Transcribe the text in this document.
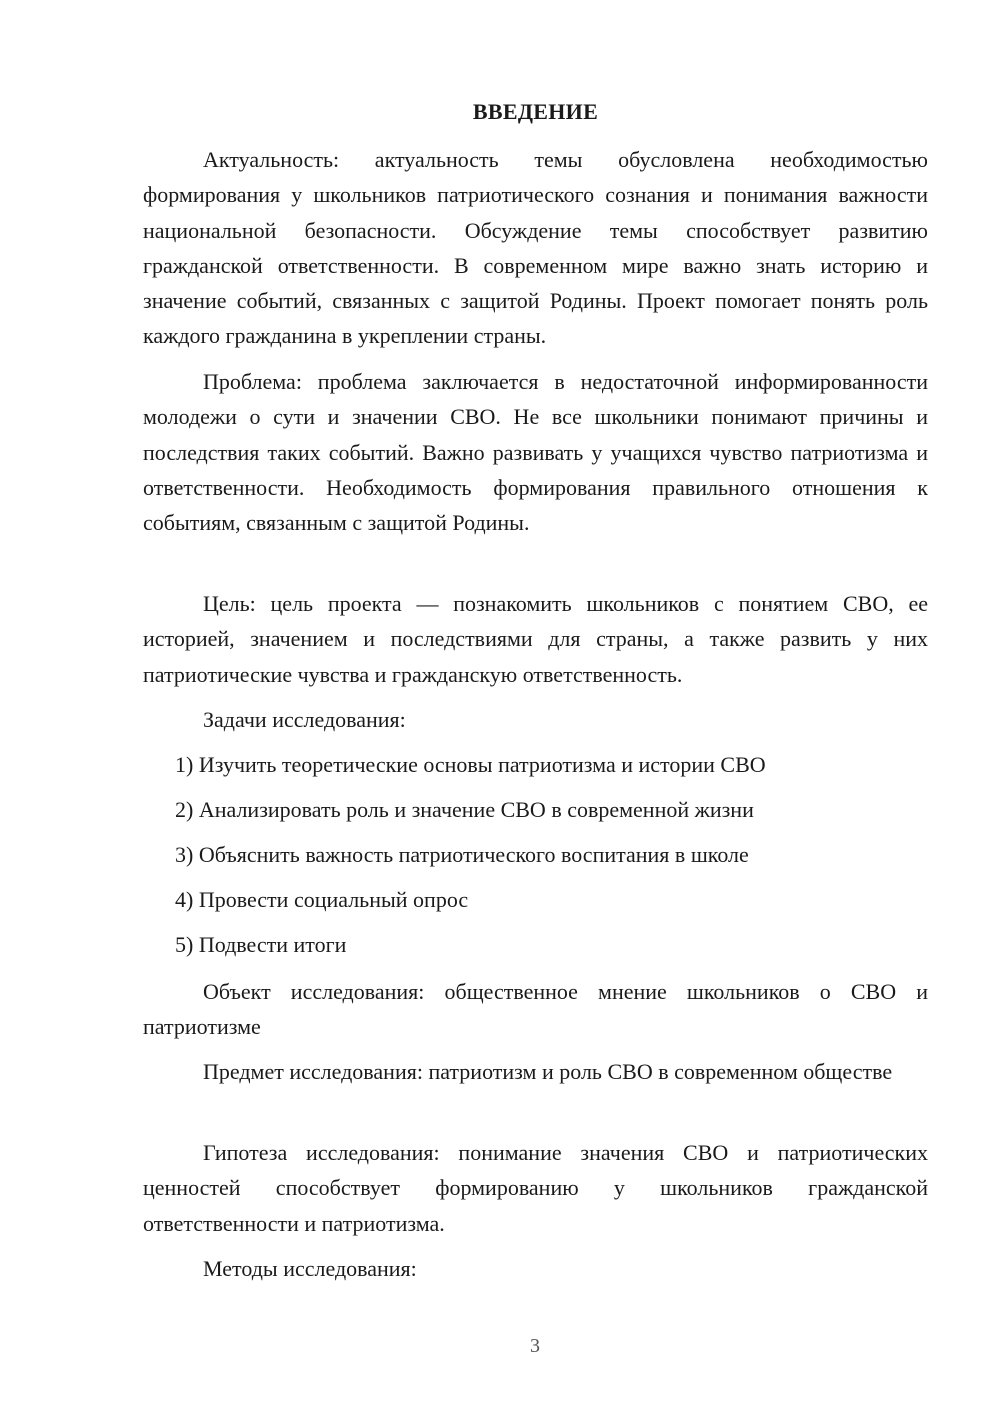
ВВЕДЕНИЕ

Актуальность: актуальность темы обусловлена необходимостью формирования у школьников патриотического сознания и понимания важности национальной безопасности. Обсуждение темы способствует развитию гражданской ответственности. В современном мире важно знать историю и значение событий, связанных с защитой Родины. Проект помогает понять роль каждого гражданина в укреплении страны.

Проблема: проблема заключается в недостаточной информированности молодежи о сути и значении СВО. Не все школьники понимают причины и последствия таких событий. Важно развивать у учащихся чувство патриотизма и ответственности. Необходимость формирования правильного отношения к событиям, связанным с защитой Родины.

Цель: цель проекта — познакомить школьников с понятием СВО, ее историей, значением и последствиями для страны, а также развить у них патриотические чувства и гражданскую ответственность.

Задачи исследования:

1) Изучить теоретические основы патриотизма и истории СВО

2) Анализировать роль и значение СВО в современной жизни

3) Объяснить важность патриотического воспитания в школе

4) Провести социальный опрос

5) Подвести итоги

Объект исследования: общественное мнение школьников о СВО и патриотизме

Предмет исследования: патриотизм и роль СВО в современном обществе

Гипотеза исследования: понимание значения СВО и патриотических ценностей способствует формированию у школьников гражданской ответственности и патриотизма.

Методы исследования:

3
